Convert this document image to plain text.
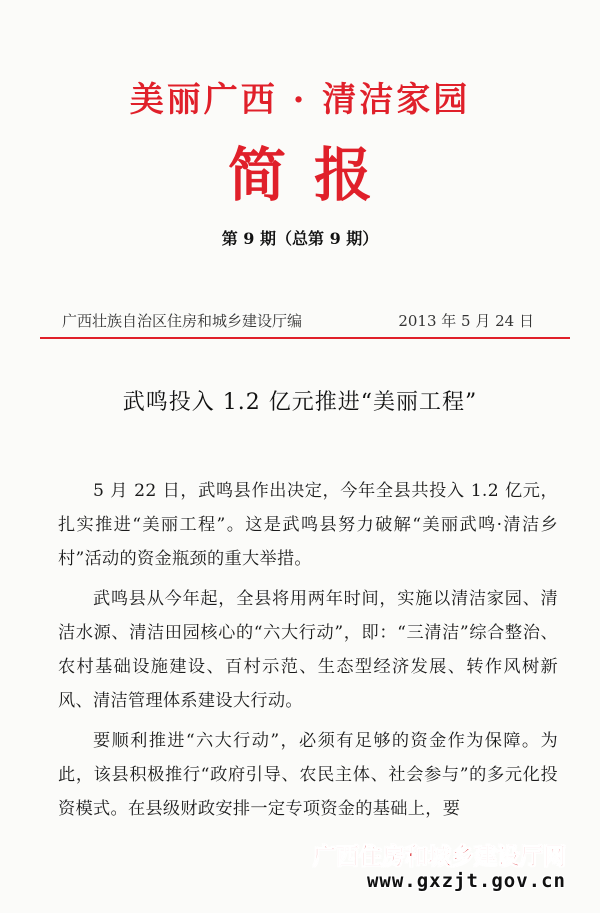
美丽广西 · 清洁家园
简报
第 9 期（总第 9 期）
广西壮族自治区住房和城乡建设厅编	2013 年 5 月 24 日
武鸣投入 1.2 亿元推进“美丽工程”

5 月 22 日，武鸣县作出决定，今年全县共投入 1.2 亿元，扎实推进“美丽工程”。这是武鸣县努力破解“美丽武鸣·清洁乡村”活动的资金瓶颈的重大举措。

武鸣县从今年起，全县将用两年时间，实施以清洁家园、清洁水源、清洁田园核心的“六大行动”，即：“三清洁”综合整治、农村基础设施建设、百村示范、生态型经济发展、转作风树新风、清洁管理体系建设大行动。

要顺利推进“六大行动”，必须有足够的资金作为保障。为此，该县积极推行“政府引导、农民主体、社会参与”的多元化投资模式。在县级财政安排一定专项资金的基础上，要

广西住房和城乡建设厅网
www.gxzjt.gov.cn
